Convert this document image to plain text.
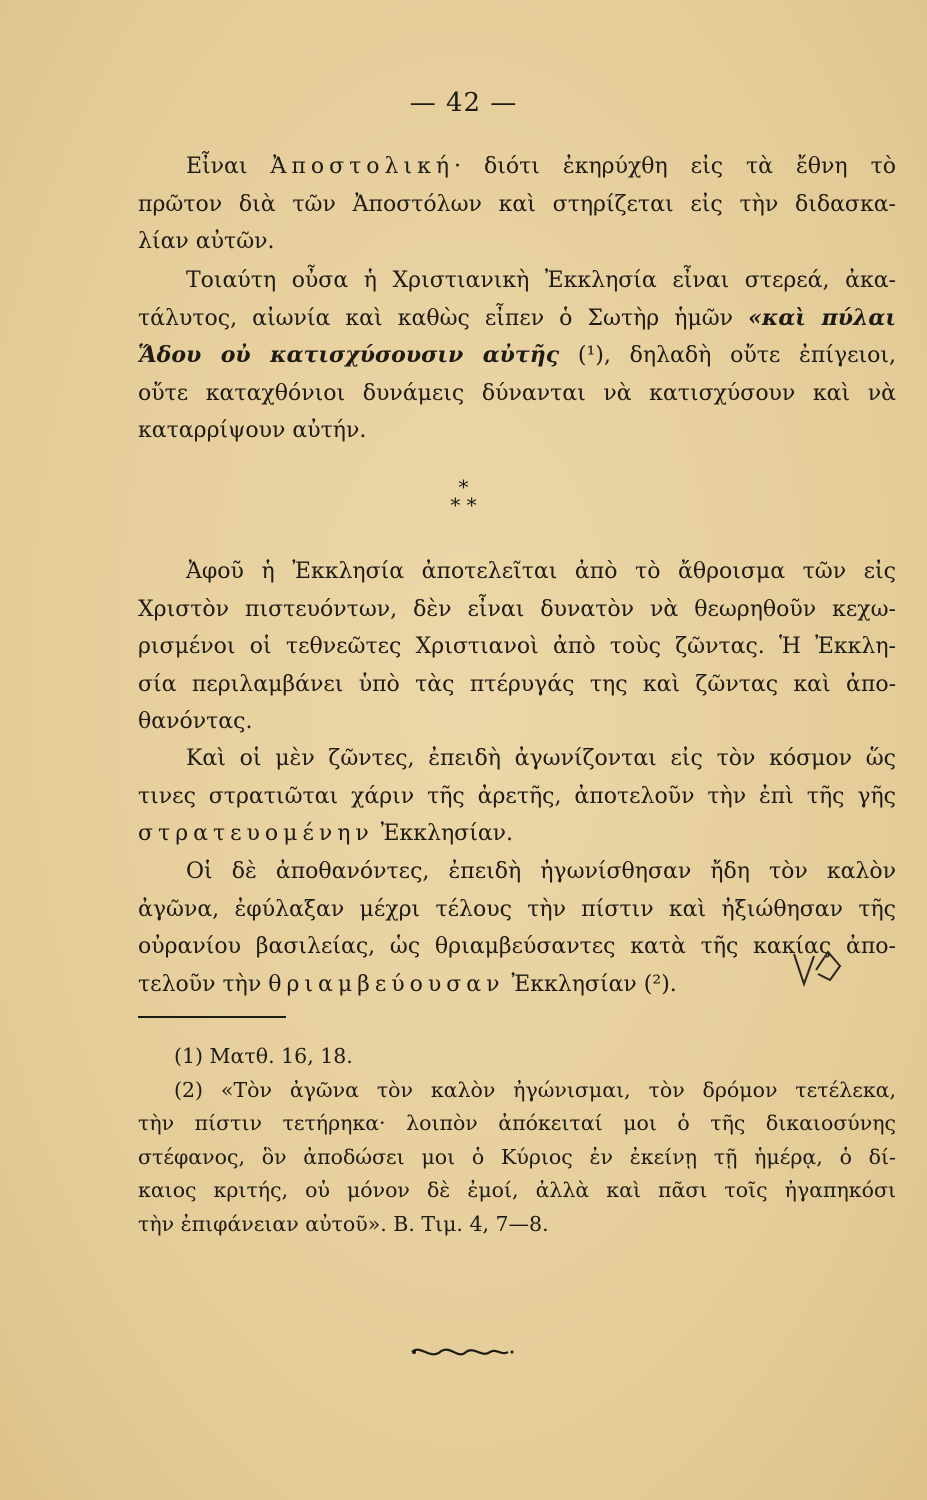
— 42 —
Εἶναι Ἀποστολική· διότι ἐκηρύχθη εἰς τὰ ἔθνη τὸ
πρῶτον διὰ τῶν Ἀποστόλων καὶ στηρίζεται εἰς τὴν διδασκα-
λίαν αὐτῶν.
Τοιαύτη οὖσα ἡ Χριστιανικὴ Ἐκκλησία εἶναι στερεά, ἀκα-
τάλυτος, αἰωνία καὶ καθὼς εἶπεν ὁ Σωτὴρ ἡμῶν «καὶ πύλαι
Ἅδου οὐ κατισχύσουσιν αὐτῆς (¹), δηλαδὴ οὔτε ἐπίγειοι,
οὔτε καταχθόνιοι δυνάμεις δύνανται νὰ κατισχύσουν καὶ νὰ
καταρρίψουν αὐτήν.
*
* *
Ἀφοῦ ἡ Ἐκκλησία ἀποτελεῖται ἀπὸ τὸ ἄθροισμα τῶν εἰς
Χριστὸν πιστευόντων, δὲν εἶναι δυνατὸν νὰ θεωρηθοῦν κεχω-
ρισμένοι οἱ τεθνεῶτες Χριστιανοὶ ἀπὸ τοὺς ζῶντας. Ἡ Ἐκκλη-
σία περιλαμβάνει ὑπὸ τὰς πτέρυγάς της καὶ ζῶντας καὶ ἀπο-
θανόντας.
Καὶ οἱ μὲν ζῶντες, ἐπειδὴ ἀγωνίζονται εἰς τὸν κόσμον ὥς
τινες στρατιῶται χάριν τῆς ἀρετῆς, ἀποτελοῦν τὴν ἐπὶ τῆς γῆς
στρατευομένην Ἐκκλησίαν.
Οἱ δὲ ἀποθανόντες, ἐπειδὴ ἠγωνίσθησαν ἤδη τὸν καλὸν
ἀγῶνα, ἐφύλαξαν μέχρι τέλους τὴν πίστιν καὶ ἠξιώθησαν τῆς
οὐρανίου βασιλείας, ὡς θριαμβεύσαντες κατὰ τῆς κακίας ἀπο-
τελοῦν τὴν θριαμβεύουσαν Ἐκκλησίαν (²).
(1) Ματθ. 16, 18.
(2) «Τὸν ἀγῶνα τὸν καλὸν ἠγώνισμαι, τὸν δρόμον τετέλεκα,
τὴν πίστιν τετήρηκα· λοιπὸν ἀπόκειταί μοι ὁ τῆς δικαιοσύνης
στέφανος, ὃν ἀποδώσει μοι ὁ Κύριος ἐν ἐκείνῃ τῇ ἡμέρᾳ, ὁ δί-
καιος κριτής, οὐ μόνον δὲ ἐμοί, ἀλλὰ καὶ πᾶσι τοῖς ἠγαπηκόσι
τὴν ἐπιφάνειαν αὐτοῦ». Β. Τιμ. 4, 7—8.
